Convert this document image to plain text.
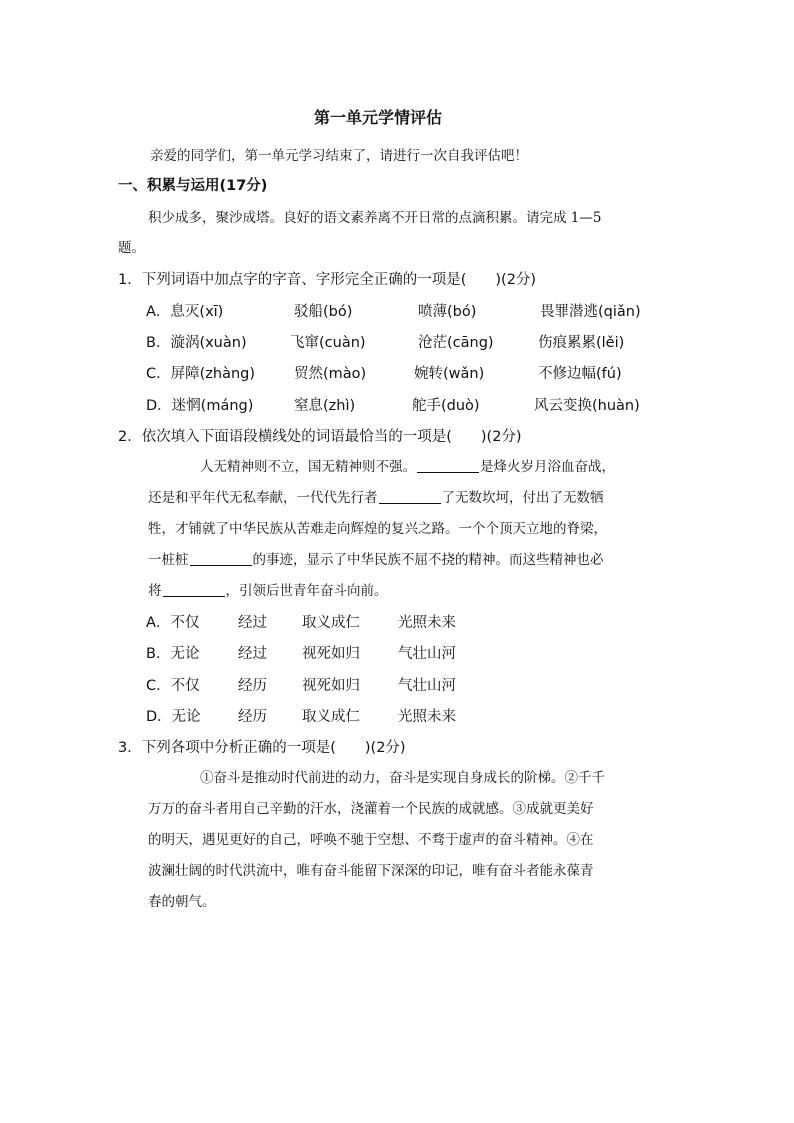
第一单元学情评估
亲爱的同学们，第一单元学习结束了，请进行一次自我评估吧！
一、积累与运用(17分)
积少成多，聚沙成塔。良好的语文素养离不开日常的点滴积累。请完成 1—5
题。
1．下列词语中加点字的字音、字形完全正确的一项是(　　)(2分)
A．息灭(xī)	驳船(bó)	喷薄(bó)	畏罪潜逃(qiǎn)
B．漩涡(xuàn)	飞窜(cuàn)	沧茫(cāng)	伤痕累累(lěi)
C．屏障(zhàng)	贸然(mào)	婉转(wǎn)	不修边幅(fú)
D．迷惘(máng)	窒息(zhì)	舵手(duò)	风云变换(huàn)
2．依次填入下面语段横线处的词语最恰当的一项是(　　)(2分)
人无精神则不立，国无精神则不强。	是烽火岁月浴血奋战，
还是和平年代无私奉献，一代代先行者	了无数坎坷，付出了无数牺
牲，才铺就了中华民族从苦难走向辉煌的复兴之路。一个个顶天立地的脊梁，
一桩桩	的事迹，显示了中华民族不屈不挠的精神。而这些精神也必
将	，引领后世青年奋斗向前。
A．不仅	经过 取义成仁	光照未来
B．无论	经过 视死如归	气壮山河
C．不仅	经历 视死如归	气壮山河
D．无论	经历 取义成仁	光照未来
3．下列各项中分析正确的一项是(　　)(2分)
①奋斗是推动时代前进的动力，奋斗是实现自身成长的阶梯。②千千
万万的奋斗者用自己辛勤的汗水，浇灌着一个民族的成就感。③成就更美好
的明天，遇见更好的自己，呼唤不驰于空想、不骛于虚声的奋斗精神。④在
波澜壮阔的时代洪流中，唯有奋斗能留下深深的印记，唯有奋斗者能永葆青
春的朝气。
